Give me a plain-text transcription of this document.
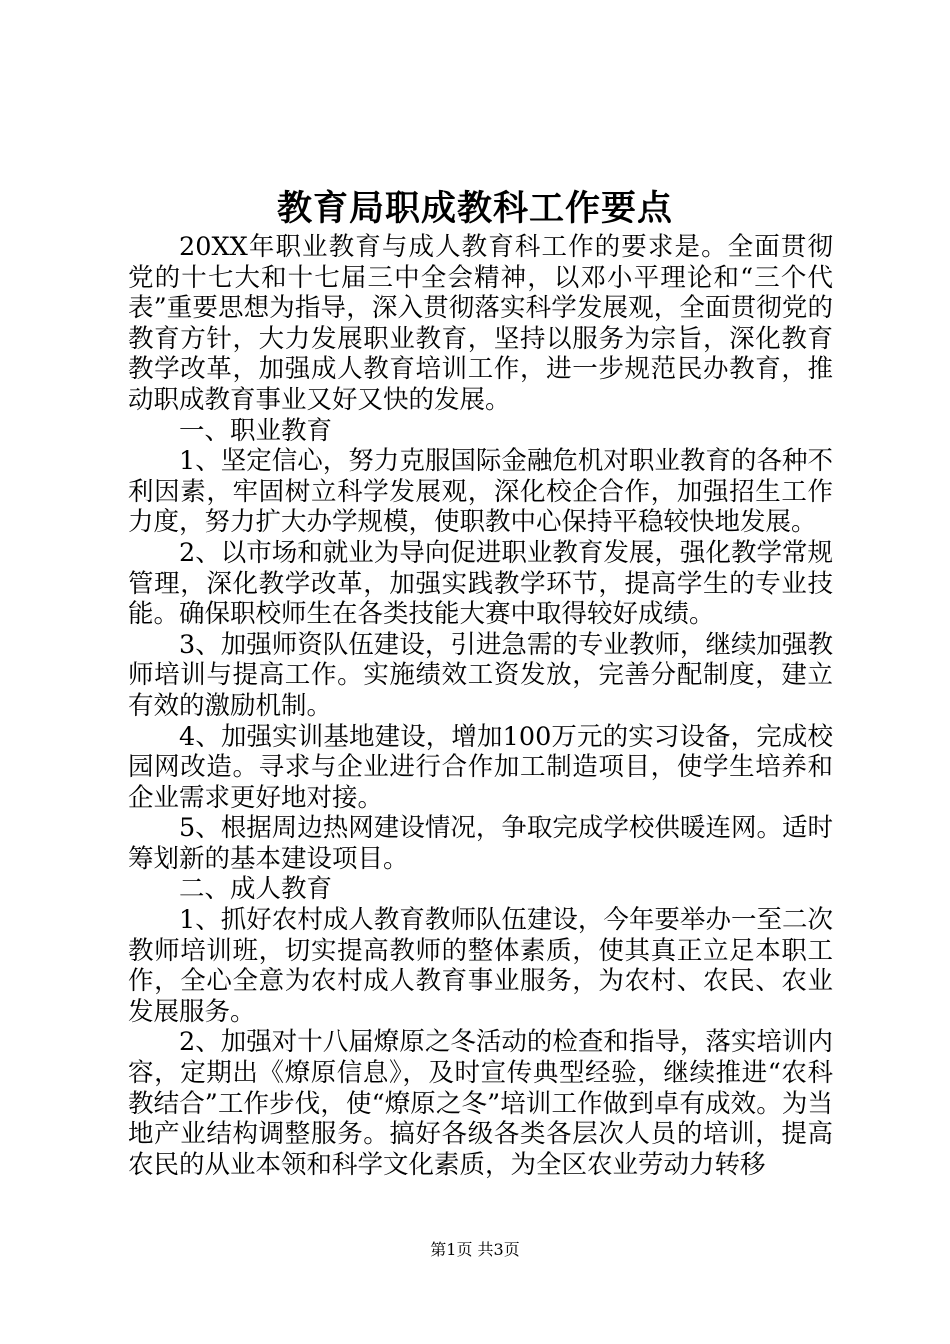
教育局职成教科工作要点

20XX年职业教育与成人教育科工作的要求是。全面贯彻党的十七大和十七届三中全会精神，以邓小平理论和“三个代表”重要思想为指导，深入贯彻落实科学发展观，全面贯彻党的教育方针，大力发展职业教育，坚持以服务为宗旨，深化教育教学改革，加强成人教育培训工作，进一步规范民办教育，推动职成教育事业又好又快的发展。

一、职业教育

1、坚定信心，努力克服国际金融危机对职业教育的各种不利因素，牢固树立科学发展观，深化校企合作，加强招生工作力度，努力扩大办学规模，使职教中心保持平稳较快地发展。

2、以市场和就业为导向促进职业教育发展，强化教学常规管理，深化教学改革，加强实践教学环节，提高学生的专业技能。确保职校师生在各类技能大赛中取得较好成绩。

3、加强师资队伍建设，引进急需的专业教师，继续加强教师培训与提高工作。实施绩效工资发放，完善分配制度，建立有效的激励机制。

4、加强实训基地建设，增加100万元的实习设备，完成校园网改造。寻求与企业进行合作加工制造项目，使学生培养和企业需求更好地对接。

5、根据周边热网建设情况，争取完成学校供暖连网。适时筹划新的基本建设项目。

二、成人教育

1、抓好农村成人教育教师队伍建设，今年要举办一至二次教师培训班，切实提高教师的整体素质，使其真正立足本职工作，全心全意为农村成人教育事业服务，为农村、农民、农业发展服务。

2、加强对十八届燎原之冬活动的检查和指导，落实培训内容，定期出《燎原信息》，及时宣传典型经验，继续推进“农科教结合”工作步伐，使“燎原之冬”培训工作做到卓有成效。为当地产业结构调整服务。搞好各级各类各层次人员的培训，提高农民的从业本领和科学文化素质，为全区农业劳动力转移

第1页 共3页
